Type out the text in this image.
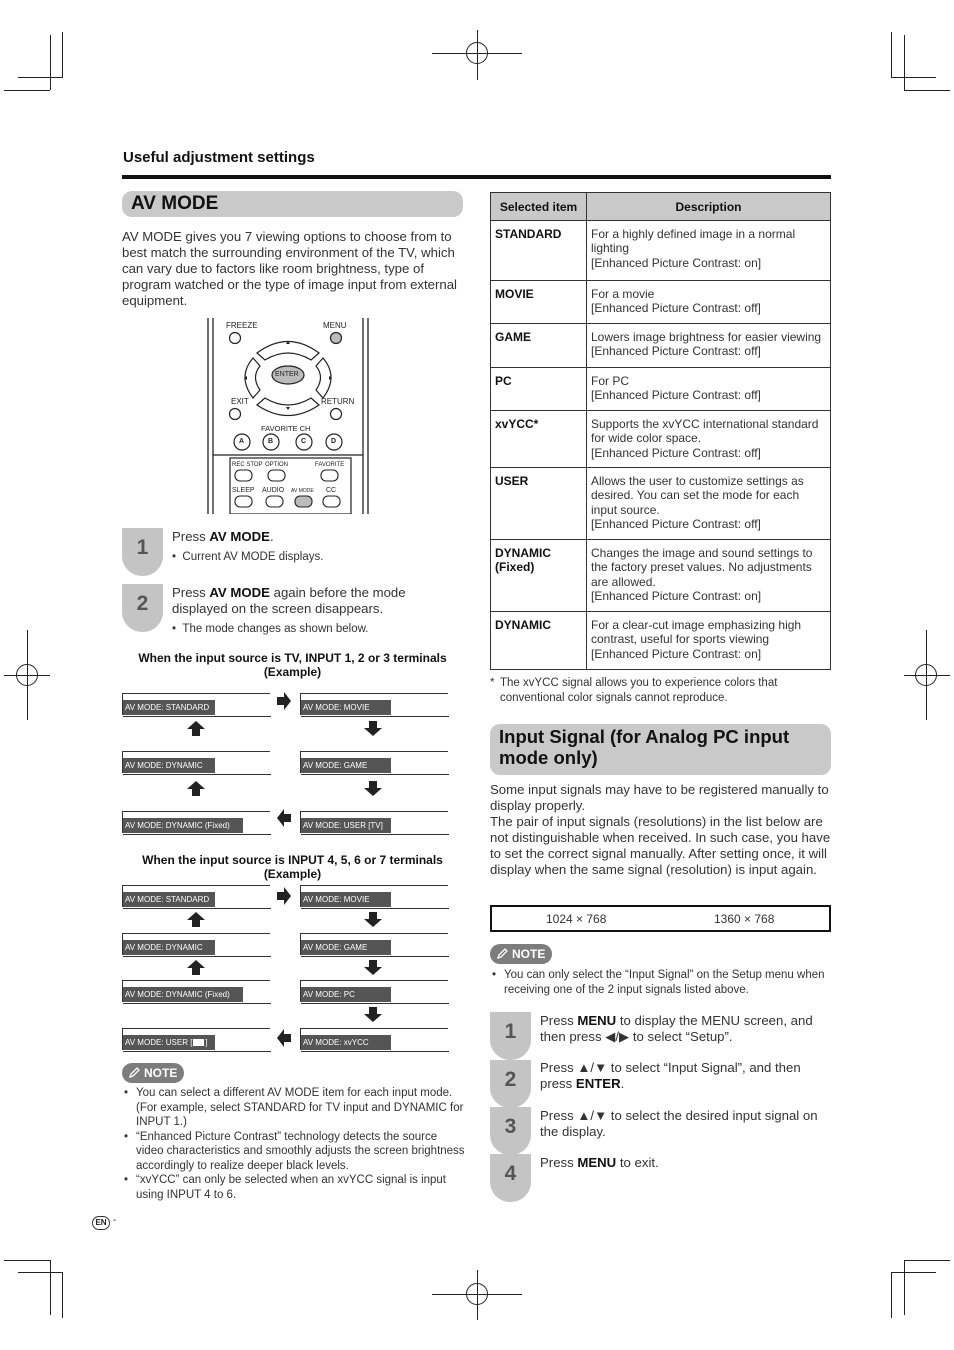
Useful adjustment settings
AV MODE
AV MODE gives you 7 viewing options to choose from to best match the surrounding environment of the TV, which can vary due to factors like room brightness, type of program watched or the type of image input from external equipment.
FREEZE	MENU
ENTER
EXIT	RETURN
FAVORITE CH
A	B	C	D
REC STOP OPTION	FAVORITE
SLEEP AUDIO AV MODE CC
1	Press AV MODE.
•  Current AV MODE displays.
2	Press AV MODE again before the mode displayed on the screen disappears.
•  The mode changes as shown below.
When the input source is TV, INPUT 1, 2 or 3 terminals (Example)
AV MODE: STANDARD	AV MODE: MOVIE
AV MODE: DYNAMIC	AV MODE: GAME
AV MODE: DYNAMIC (Fixed)	AV MODE: USER [TV]
When the input source is INPUT 4, 5, 6 or 7 terminals (Example)
AV MODE: STANDARD	AV MODE: MOVIE
AV MODE: DYNAMIC	AV MODE: GAME
AV MODE: DYNAMIC (Fixed)	AV MODE: PC
AV MODE: USER [ ]	AV MODE: xvYCC
NOTE
• You can select a different AV MODE item for each input mode. (For example, select STANDARD for TV input and DYNAMIC for INPUT 1.)
• “Enhanced Picture Contrast” technology detects the source video characteristics and smoothly adjusts the screen brightness accordingly to realize deeper black levels.
• “xvYCC” can only be selected when an xvYCC signal is input using INPUT 4 to 6.
EN -
Selected item	Description
STANDARD	For a highly defined image in a normal lighting
[Enhanced Picture Contrast: on]
MOVIE	For a movie
[Enhanced Picture Contrast: off]
GAME	Lowers image brightness for easier viewing
[Enhanced Picture Contrast: off]
PC	For PC
[Enhanced Picture Contrast: off]
xvYCC*	Supports the xvYCC international standard for wide color space.
[Enhanced Picture Contrast: off]
USER	Allows the user to customize settings as desired. You can set the mode for each input source.
[Enhanced Picture Contrast: off]
DYNAMIC
(Fixed)	Changes the image and sound settings to the factory preset values. No adjustments are allowed.
[Enhanced Picture Contrast: on]
DYNAMIC	For a clear-cut image emphasizing high contrast, useful for sports viewing
[Enhanced Picture Contrast: on]
* The xvYCC signal allows you to experience colors that conventional color signals cannot reproduce.
Input Signal (for Analog PC input mode only)
Some input signals may have to be registered manually to display properly.
The pair of input signals (resolutions) in the list below are not distinguishable when received. In such case, you have to set the correct signal manually. After setting once, it will display when the same signal (resolution) is input again.
1024 × 768	1360 × 768
NOTE
• You can only select the “Input Signal” on the Setup menu when receiving one of the 2 input signals listed above.
1	Press MENU to display the MENU screen, and then press ◀/▶ to select “Setup”.
2
Press ▲/▼ to select “Input Signal”, and then press ENTER.
3	Press ▲/▼ to select the desired input signal on the display.
4	Press MENU to exit.
